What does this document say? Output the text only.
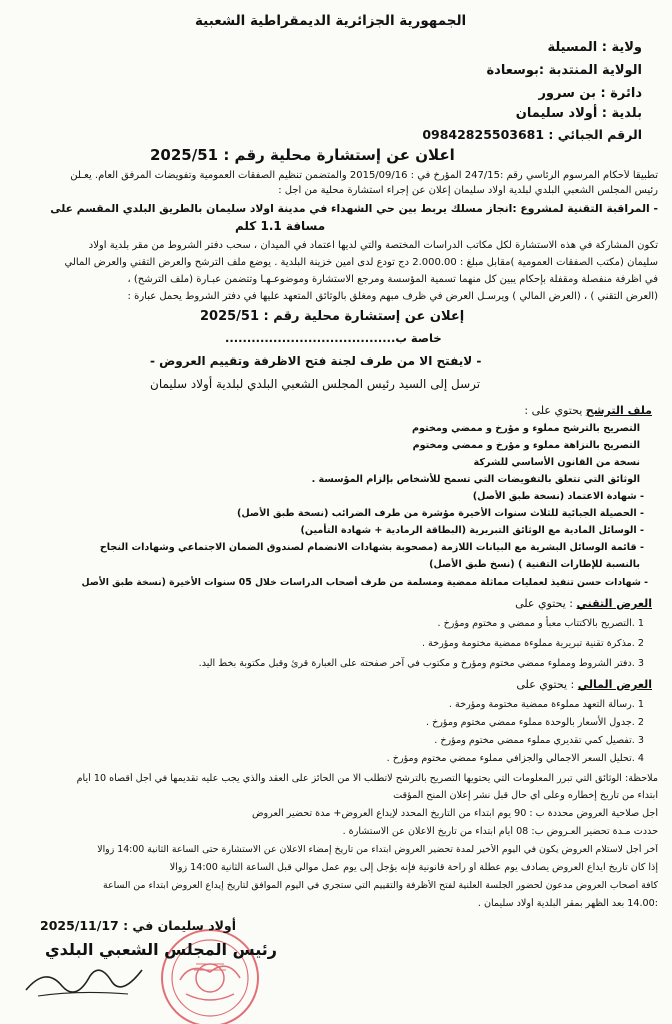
الجمهورية الجزائرية الديمقراطية الشعبية
ولاية : المسيلة
الولاية المنتدبة :بوسعادة
دائرة : بن سرور
بلدية : أولاد سليمان
الرقم الجبائي : 09842825503681
اعلان عن إستشارة محلية رقم : 2025/51
تطبيقا لأحكام المرسوم الرئاسي رقم :247/15 المؤرخ في : 2015/09/16 والمتضمن تنظيم الصفقات العمومية وتفويضات المرفق العام. يعـلن
رئيس المجلس الشعبي البلدي لبلدية أولاد سليمان إعلان عن إجراء استشارة محلية من أجل :
- المراقبة التقنية لمشروع :انجاز مسلك يربط بين حي الشهداء في مدينة اولاد سليمان بالطريق البلدي المقسم على
مسافة 1.1 كلم
تكون المشاركة في هذه الاستشارة لكل مكاتب الدراسات المختصة والتي لديها اعتماد في الميدان ، سحب دفتر الشروط من مقر بلدية أولاد
سليمان (مكتب الصفقات العمومية )مقابل مبلغ : 2.000.00 دج تودع لدى أمين خزينة البلدية . يوضع ملف الترشح والعرض التقني والعرض المالي
في أظرفة منفصلة ومقفلة بإحكام يبين كل منهما تسمية المؤسسة ومرجع الاستشارة وموضوعـهـا وتتضمن عبـارة (ملف الترشح) ،
(العرض التقني ) ، (العرض المالي ) ويرسـل العرض في ظرف مبهم ومغلق بالوثائق المتعهد عليها في دفتر الشروط يحمل عبارة :
إعلان عن إستشارة محلية رقم : 2025/51
خاصة ب.......................................
- لايفتح الا من طرف لجنة فتح الاظرفة وتقييم العروض -
ترسل إلى السيد رئيس المجلس الشعبي البلدي لبلدية أولاد سليمان
ملف الترشح يحتوي على :
التصريح بالترشح مملوء و مؤرخ و ممضي ومختوم
التصريح بالنزاهة مملوء و مؤرخ و ممضي ومختوم
نسخة من القانون الأساسي للشركة
الوثائق التي تتعلق بالتفويضات التي تسمح للأشخاص بإلزام المؤسسة .
- شهادة الاعتماد (نسخة طبق الأصل)
- الحصيلة الجبائية للثلاث سنوات الأخيرة مؤشرة من طرف الضرائب (نسخة طبق الأصل)
- الوسائل المادية مع الوثائق التبريرية (البطاقة الرمادية + شهادة التأمين)
- قائمة الوسائل البشرية مع البيانات اللازمة (مصحوبة بشهادات الانضمام لصندوق الضمان الاجتماعي وشهادات النجاح
بالنسبة للإطارات التقنية ) (نسخ طبق الأصل)
- شهادات حسن تنفيذ لعمليات مماثلة ممضية ومسلمة من طرف أصحاب الدراسات خلال 05 سنوات الأخيرة (نسخة طبق الأصل
العرض التقني : يحتوي على
1 .التصريح بالاكتتاب معبأ و ممضي و مختوم ومؤرخ .
2 .مذكرة تقنية تبريرية مملوءة ممضية مختومة ومؤرخة .
3 .دفتر الشروط ومملوء ممضي مختوم ومؤرخ و مكتوب في آخر صفحته على العبارة قرئ وقبل مكتوبة بخط اليد.
العرض المالي : يحتوي على
1 .رسالة التعهد مملوءة ممضية مختومة ومؤرخة .
2 .جدول الأسعار بالوحدة مملوء ممضي مختوم ومؤرخ .
3 .تفصيل كمي تقديري مملوء ممضي مختوم ومؤرخ .
4 .تحليل السعر الاجمالي والجزافي مملوء ممضي مختوم ومؤرخ .
ملاحظة: الوثائق التي تبرر المعلومات التي يحتويها التصريح بالترشح لاتطلب الا من الحائز على العقد والذي يجب عليه تقديمها في أجل أقصاه 10 أيام
ابتداء من تاريخ إخطاره وعلى أي حال قبل نشر إعلان المنح المؤقت
أجل صلاحية العروض محددة ب : 90 يوم ابتداء من التاريخ المحدد لإيداع العروض+ مدة تحضير العروض
حددت مـدة تحضير العـروض ب: 08 أيام ابتداء من تاريخ الاعلان عن الاستشارة .
آخر أجل لاستلام العروض يكون في اليوم الأخير لمدة تحضير العروض ابتداء من تاريخ إمضاء الاعلان عن الاستشارة حتى الساعة الثانية 14:00 زوالا
إذا كان تاريخ ايداع العروض يصادف يوم عطلة أو راحة قانونية فإنه يؤجل إلى يوم عمل موالي قبل الساعة الثانية 14:00 زوالا
كافة أصحاب العروض مدعون لحضور الجلسة العلنية لفتح الأظرفة والتقييم التي ستجري في اليوم الموافق لتاريخ إيداع العروض ابتداء من الساعة
:14.00 بعد الظهر بمقر البلدية أولاد سليمان .
أولاد سليمان في : 2025/11/17
رئيس المجلس الشعبي البلدي
